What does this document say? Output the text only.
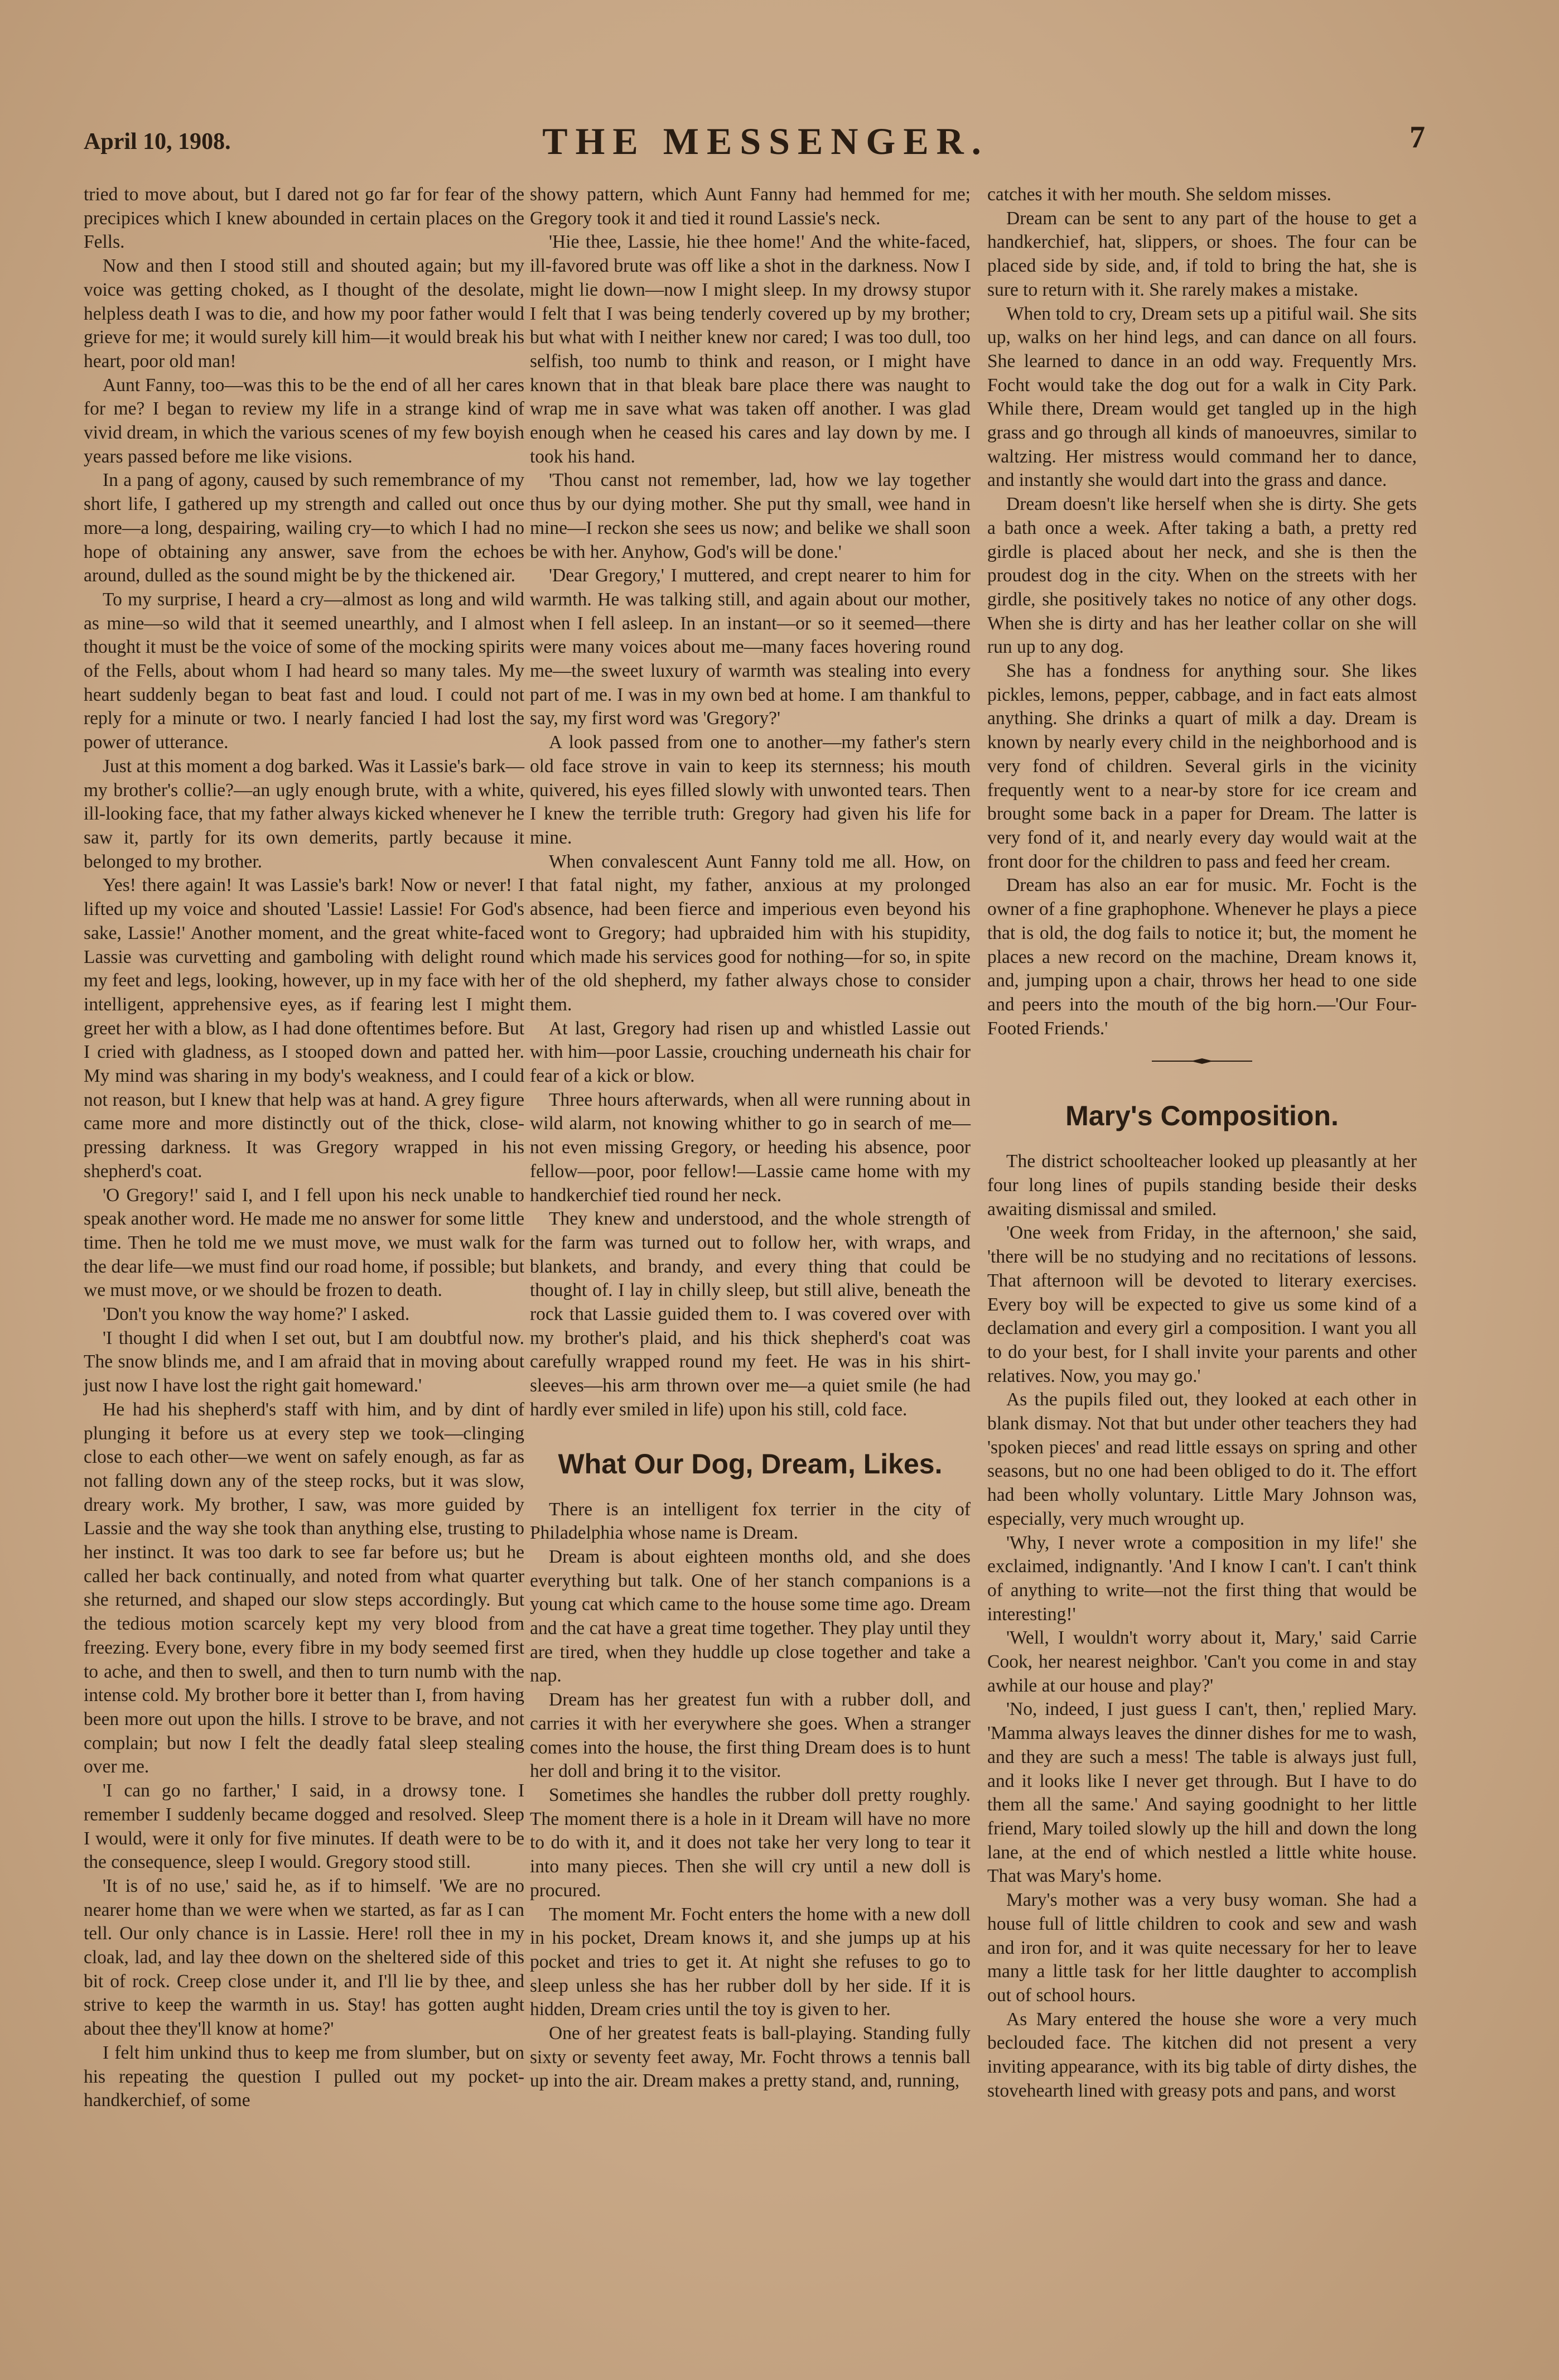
April 10, 1908.	THE MESSENGER.	7

tried to move about, but I dared not go far for fear of the precipices which I knew abounded in certain places on the Fells.

Now and then I stood still and shouted again; but my voice was getting choked, as I thought of the desolate, helpless death I was to die, and how my poor father would grieve for me; it would surely kill him—it would break his heart, poor old man!

Aunt Fanny, too—was this to be the end of all her cares for me? I began to review my life in a strange kind of vivid dream, in which the various scenes of my few boyish years passed before me like visions.

In a pang of agony, caused by such remembrance of my short life, I gathered up my strength and called out once more—a long, despairing, wailing cry—to which I had no hope of obtaining any answer, save from the echoes around, dulled as the sound might be by the thickened air.

To my surprise, I heard a cry—almost as long and wild as mine—so wild that it seemed unearthly, and I almost thought it must be the voice of some of the mocking spirits of the Fells, about whom I had heard so many tales. My heart suddenly began to beat fast and loud. I could not reply for a minute or two. I nearly fancied I had lost the power of utterance.

Just at this moment a dog barked. Was it Lassie's bark—my brother's collie?—an ugly enough brute, with a white, ill-looking face, that my father always kicked whenever he saw it, partly for its own demerits, partly because it belonged to my brother.

Yes! there again! It was Lassie's bark! Now or never! I lifted up my voice and shouted 'Lassie! Lassie! For God's sake, Lassie!' Another moment, and the great white-faced Lassie was curvetting and gamboling with delight round my feet and legs, looking, however, up in my face with her intelligent, apprehensive eyes, as if fearing lest I might greet her with a blow, as I had done oftentimes before. But I cried with gladness, as I stooped down and patted her. My mind was sharing in my body's weakness, and I could not reason, but I knew that help was at hand. A grey figure came more and more distinctly out of the thick, close-pressing darkness. It was Gregory wrapped in his shepherd's coat.

'O Gregory!' said I, and I fell upon his neck unable to speak another word. He made me no answer for some little time. Then he told me we must move, we must walk for the dear life—we must find our road home, if possible; but we must move, or we should be frozen to death.

'Don't you know the way home?' I asked.

'I thought I did when I set out, but I am doubtful now. The snow blinds me, and I am afraid that in moving about just now I have lost the right gait homeward.'

He had his shepherd's staff with him, and by dint of plunging it before us at every step we took—clinging close to each other—we went on safely enough, as far as not falling down any of the steep rocks, but it was slow, dreary work. My brother, I saw, was more guided by Lassie and the way she took than anything else, trusting to her instinct. It was too dark to see far before us; but he called her back continually, and noted from what quarter she returned, and shaped our slow steps accordingly. But the tedious motion scarcely kept my very blood from freezing. Every bone, every fibre in my body seemed first to ache, and then to swell, and then to turn numb with the intense cold. My brother bore it better than I, from having been more out upon the hills. I strove to be brave, and not complain; but now I felt the deadly fatal sleep stealing over me.

'I can go no farther,' I said, in a drowsy tone. I remember I suddenly became dogged and resolved. Sleep I would, were it only for five minutes. If death were to be the consequence, sleep I would. Gregory stood still.

'It is of no use,' said he, as if to himself. 'We are no nearer home than we were when we started, as far as I can tell. Our only chance is in Lassie. Here! roll thee in my cloak, lad, and lay thee down on the sheltered side of this bit of rock. Creep close under it, and I'll lie by thee, and strive to keep the warmth in us. Stay! has gotten aught about thee they'll know at home?'

I felt him unkind thus to keep me from slumber, but on his repeating the question I pulled out my pocket-handkerchief, of some

showy pattern, which Aunt Fanny had hemmed for me; Gregory took it and tied it round Lassie's neck.

'Hie thee, Lassie, hie thee home!' And the white-faced, ill-favored brute was off like a shot in the darkness. Now I might lie down—now I might sleep. In my drowsy stupor I felt that I was being tenderly covered up by my brother; but what with I neither knew nor cared; I was too dull, too selfish, too numb to think and reason, or I might have known that in that bleak bare place there was naught to wrap me in save what was taken off another. I was glad enough when he ceased his cares and lay down by me. I took his hand.

'Thou canst not remember, lad, how we lay together thus by our dying mother. She put thy small, wee hand in mine—I reckon she sees us now; and belike we shall soon be with her. Anyhow, God's will be done.'

'Dear Gregory,' I muttered, and crept nearer to him for warmth. He was talking still, and again about our mother, when I fell asleep. In an instant—or so it seemed—there were many voices about me—many faces hovering round me—the sweet luxury of warmth was stealing into every part of me. I was in my own bed at home. I am thankful to say, my first word was 'Gregory?'

A look passed from one to another—my father's stern old face strove in vain to keep its sternness; his mouth quivered, his eyes filled slowly with unwonted tears. Then I knew the terrible truth: Gregory had given his life for mine.

When convalescent Aunt Fanny told me all. How, on that fatal night, my father, anxious at my prolonged absence, had been fierce and imperious even beyond his wont to Gregory; had upbraided him with his stupidity, which made his services good for nothing—for so, in spite of the old shepherd, my father always chose to consider them.

At last, Gregory had risen up and whistled Lassie out with him—poor Lassie, crouching underneath his chair for fear of a kick or blow.

Three hours afterwards, when all were running about in wild alarm, not knowing whither to go in search of me—not even missing Gregory, or heeding his absence, poor fellow—poor, poor fellow!—Lassie came home with my handkerchief tied round her neck.

They knew and understood, and the whole strength of the farm was turned out to follow her, with wraps, and blankets, and brandy, and every thing that could be thought of. I lay in chilly sleep, but still alive, beneath the rock that Lassie guided them to. I was covered over with my brother's plaid, and his thick shepherd's coat was carefully wrapped round my feet. He was in his shirt-sleeves—his arm thrown over me—a quiet smile (he had hardly ever smiled in life) upon his still, cold face.

What Our Dog, Dream, Likes.

There is an intelligent fox terrier in the city of Philadelphia whose name is Dream.

Dream is about eighteen months old, and she does everything but talk. One of her stanch companions is a young cat which came to the house some time ago. Dream and the cat have a great time together. They play until they are tired, when they huddle up close together and take a nap.

Dream has her greatest fun with a rubber doll, and carries it with her everywhere she goes. When a stranger comes into the house, the first thing Dream does is to hunt her doll and bring it to the visitor.

Sometimes she handles the rubber doll pretty roughly. The moment there is a hole in it Dream will have no more to do with it, and it does not take her very long to tear it into many pieces. Then she will cry until a new doll is procured.

The moment Mr. Focht enters the home with a new doll in his pocket, Dream knows it, and she jumps up at his pocket and tries to get it. At night she refuses to go to sleep unless she has her rubber doll by her side. If it is hidden, Dream cries until the toy is given to her.

One of her greatest feats is ball-playing. Standing fully sixty or seventy feet away, Mr. Focht throws a tennis ball up into the air. Dream makes a pretty stand, and, running,

catches it with her mouth. She seldom misses.

Dream can be sent to any part of the house to get a handkerchief, hat, slippers, or shoes. The four can be placed side by side, and, if told to bring the hat, she is sure to return with it. She rarely makes a mistake.

When told to cry, Dream sets up a pitiful wail. She sits up, walks on her hind legs, and can dance on all fours. She learned to dance in an odd way. Frequently Mrs. Focht would take the dog out for a walk in City Park. While there, Dream would get tangled up in the high grass and go through all kinds of manoeuvres, similar to waltzing. Her mistress would command her to dance, and instantly she would dart into the grass and dance.

Dream doesn't like herself when she is dirty. She gets a bath once a week. After taking a bath, a pretty red girdle is placed about her neck, and she is then the proudest dog in the city. When on the streets with her girdle, she positively takes no notice of any other dogs. When she is dirty and has her leather collar on she will run up to any dog.

She has a fondness for anything sour. She likes pickles, lemons, pepper, cabbage, and in fact eats almost anything. She drinks a quart of milk a day. Dream is known by nearly every child in the neighborhood and is very fond of children. Several girls in the vicinity frequently went to a near-by store for ice cream and brought some back in a paper for Dream. The latter is very fond of it, and nearly every day would wait at the front door for the children to pass and feed her cream.

Dream has also an ear for music. Mr. Focht is the owner of a fine graphophone. Whenever he plays a piece that is old, the dog fails to notice it; but, the moment he places a new record on the machine, Dream knows it, and, jumping upon a chair, throws her head to one side and peers into the mouth of the big horn.—'Our Four-Footed Friends.'

Mary's Composition.

The district schoolteacher looked up pleasantly at her four long lines of pupils standing beside their desks awaiting dismissal and smiled.

'One week from Friday, in the afternoon,' she said, 'there will be no studying and no recitations of lessons. That afternoon will be devoted to literary exercises. Every boy will be expected to give us some kind of a declamation and every girl a composition. I want you all to do your best, for I shall invite your parents and other relatives. Now, you may go.'

As the pupils filed out, they looked at each other in blank dismay. Not that but under other teachers they had 'spoken pieces' and read little essays on spring and other seasons, but no one had been obliged to do it. The effort had been wholly voluntary. Little Mary Johnson was, especially, very much wrought up.

'Why, I never wrote a composition in my life!' she exclaimed, indignantly. 'And I know I can't. I can't think of anything to write—not the first thing that would be interesting!'

'Well, I wouldn't worry about it, Mary,' said Carrie Cook, her nearest neighbor. 'Can't you come in and stay awhile at our house and play?'

'No, indeed, I just guess I can't, then,' replied Mary. 'Mamma always leaves the dinner dishes for me to wash, and they are such a mess! The table is always just full, and it looks like I never get through. But I have to do them all the same.' And saying goodnight to her little friend, Mary toiled slowly up the hill and down the long lane, at the end of which nestled a little white house. That was Mary's home.

Mary's mother was a very busy woman. She had a house full of little children to cook and sew and wash and iron for, and it was quite necessary for her to leave many a little task for her little daughter to accomplish out of school hours.

As Mary entered the house she wore a very much beclouded face. The kitchen did not present a very inviting appearance, with its big table of dirty dishes, the stovehearth lined with greasy pots and pans, and worst
